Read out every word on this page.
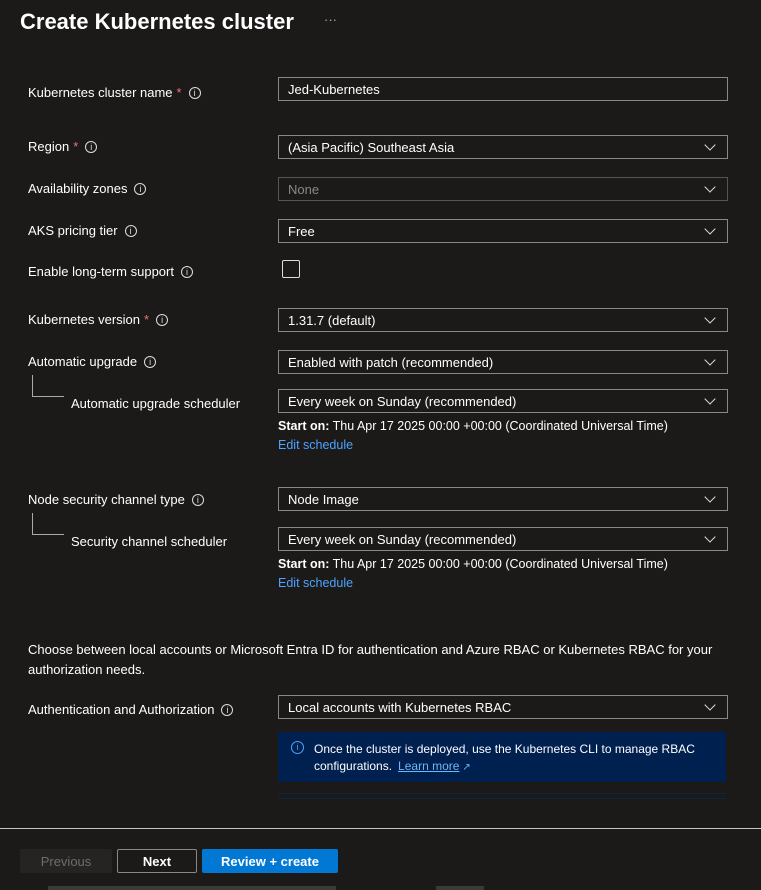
Create Kubernetes cluster ···
Kubernetes cluster name *	i	Jed-Kubernetes
Region *	i	(Asia Pacific) Southeast Asia
Availability zones	i	None
AKS pricing tier	i	Free
Enable long-term support	i
Kubernetes version *	i	1.31.7 (default)
Automatic upgrade	i	Enabled with patch (recommended)
Automatic upgrade scheduler	Every week on Sunday (recommended)
Start on: Thu Apr 17 2025 00:00 +00:00 (Coordinated Universal Time)
Edit schedule
Node security channel type	i	Node Image
Security channel scheduler	Every week on Sunday (recommended)
Start on: Thu Apr 17 2025 00:00 +00:00 (Coordinated Universal Time)
Edit schedule
Choose between local accounts or Microsoft Entra ID for authentication and Azure RBAC or Kubernetes RBAC for your authorization needs.
Authentication and Authorization	i	Local accounts with Kubernetes RBAC
i	Once the cluster is deployed, use the Kubernetes CLI to manage RBAC configurations. Learn more ↗
Previous	Next	Review + create
